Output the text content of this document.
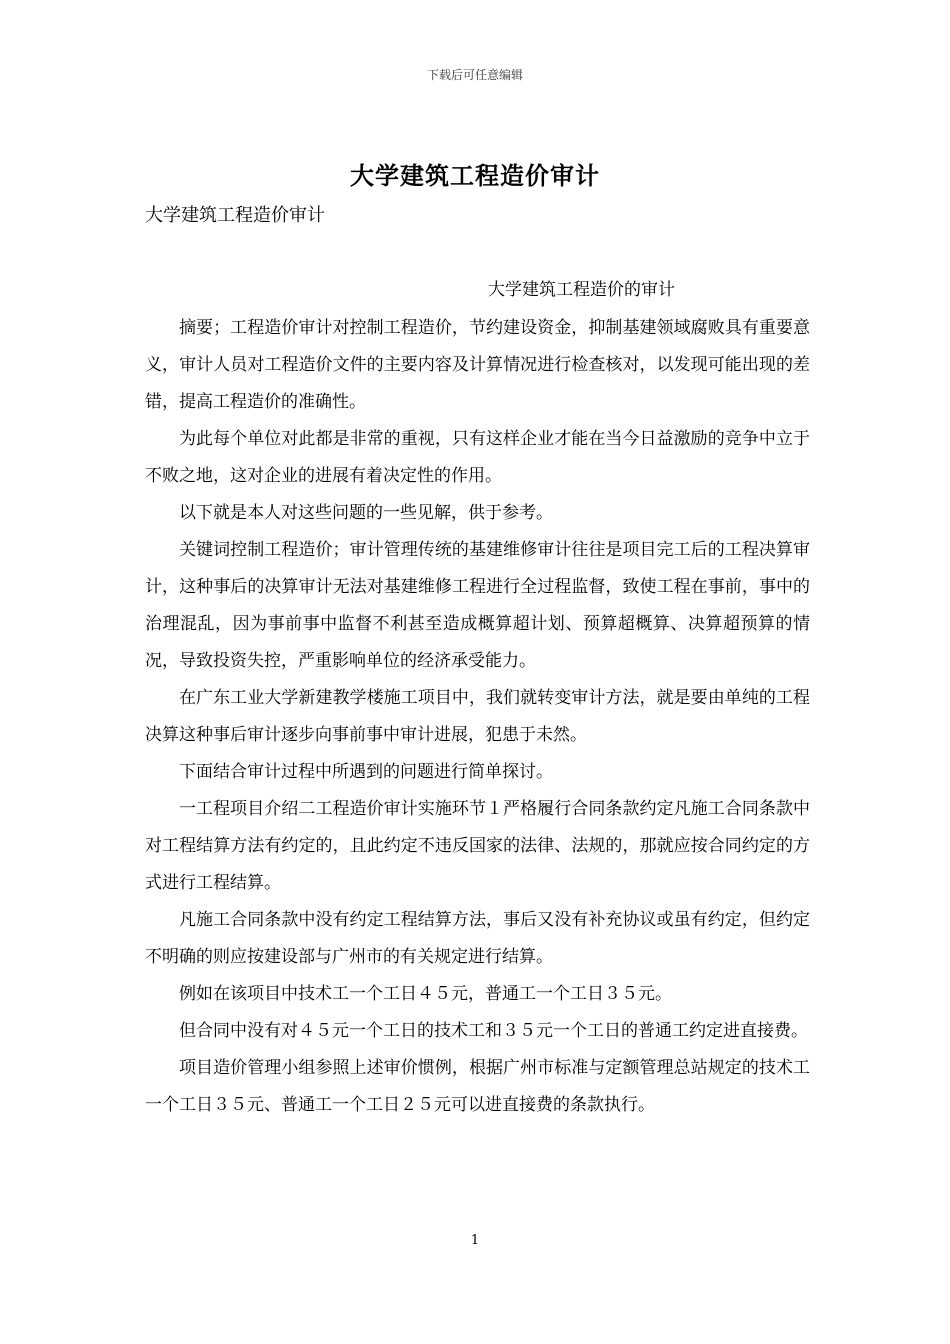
下载后可任意编辑
大学建筑工程造价审计
大学建筑工程造价审计
大学建筑工程造价的审计

摘要；工程造价审计对控制工程造价，节约建设资金，抑制基建领域腐败具有重要意义，审计人员对工程造价文件的主要内容及计算情况进行检查核对，以发现可能出现的差错，提高工程造价的准确性。

为此每个单位对此都是非常的重视，只有这样企业才能在当今日益激励的竞争中立于不败之地，这对企业的进展有着决定性的作用。

以下就是本人对这些问题的一些见解，供于参考。

关键词控制工程造价；审计管理传统的基建维修审计往往是项目完工后的工程决算审计，这种事后的决算审计无法对基建维修工程进行全过程监督，致使工程在事前，事中的治理混乱，因为事前事中监督不利甚至造成概算超计划、预算超概算、决算超预算的情况，导致投资失控，严重影响单位的经济承受能力。

在广东工业大学新建教学楼施工项目中，我们就转变审计方法，就是要由单纯的工程决算这种事后审计逐步向事前事中审计进展，犯患于未然。

下面结合审计过程中所遇到的问题进行简单探讨。

一工程项目介绍二工程造价审计实施环节１严格履行合同条款约定凡施工合同条款中对工程结算方法有约定的，且此约定不违反国家的法律、法规的，那就应按合同约定的方式进行工程结算。

凡施工合同条款中没有约定工程结算方法，事后又没有补充协议或虽有约定，但约定不明确的则应按建设部与广州市的有关规定进行结算。

例如在该项目中技术工一个工日４５元，普通工一个工日３５元。

但合同中没有对４５元一个工日的技术工和３５元一个工日的普通工约定进直接费。

项目造价管理小组参照上述审价惯例，根据广州市标准与定额管理总站规定的技术工一个工日３５元、普通工一个工日２５元可以进直接费的条款执行。

1
